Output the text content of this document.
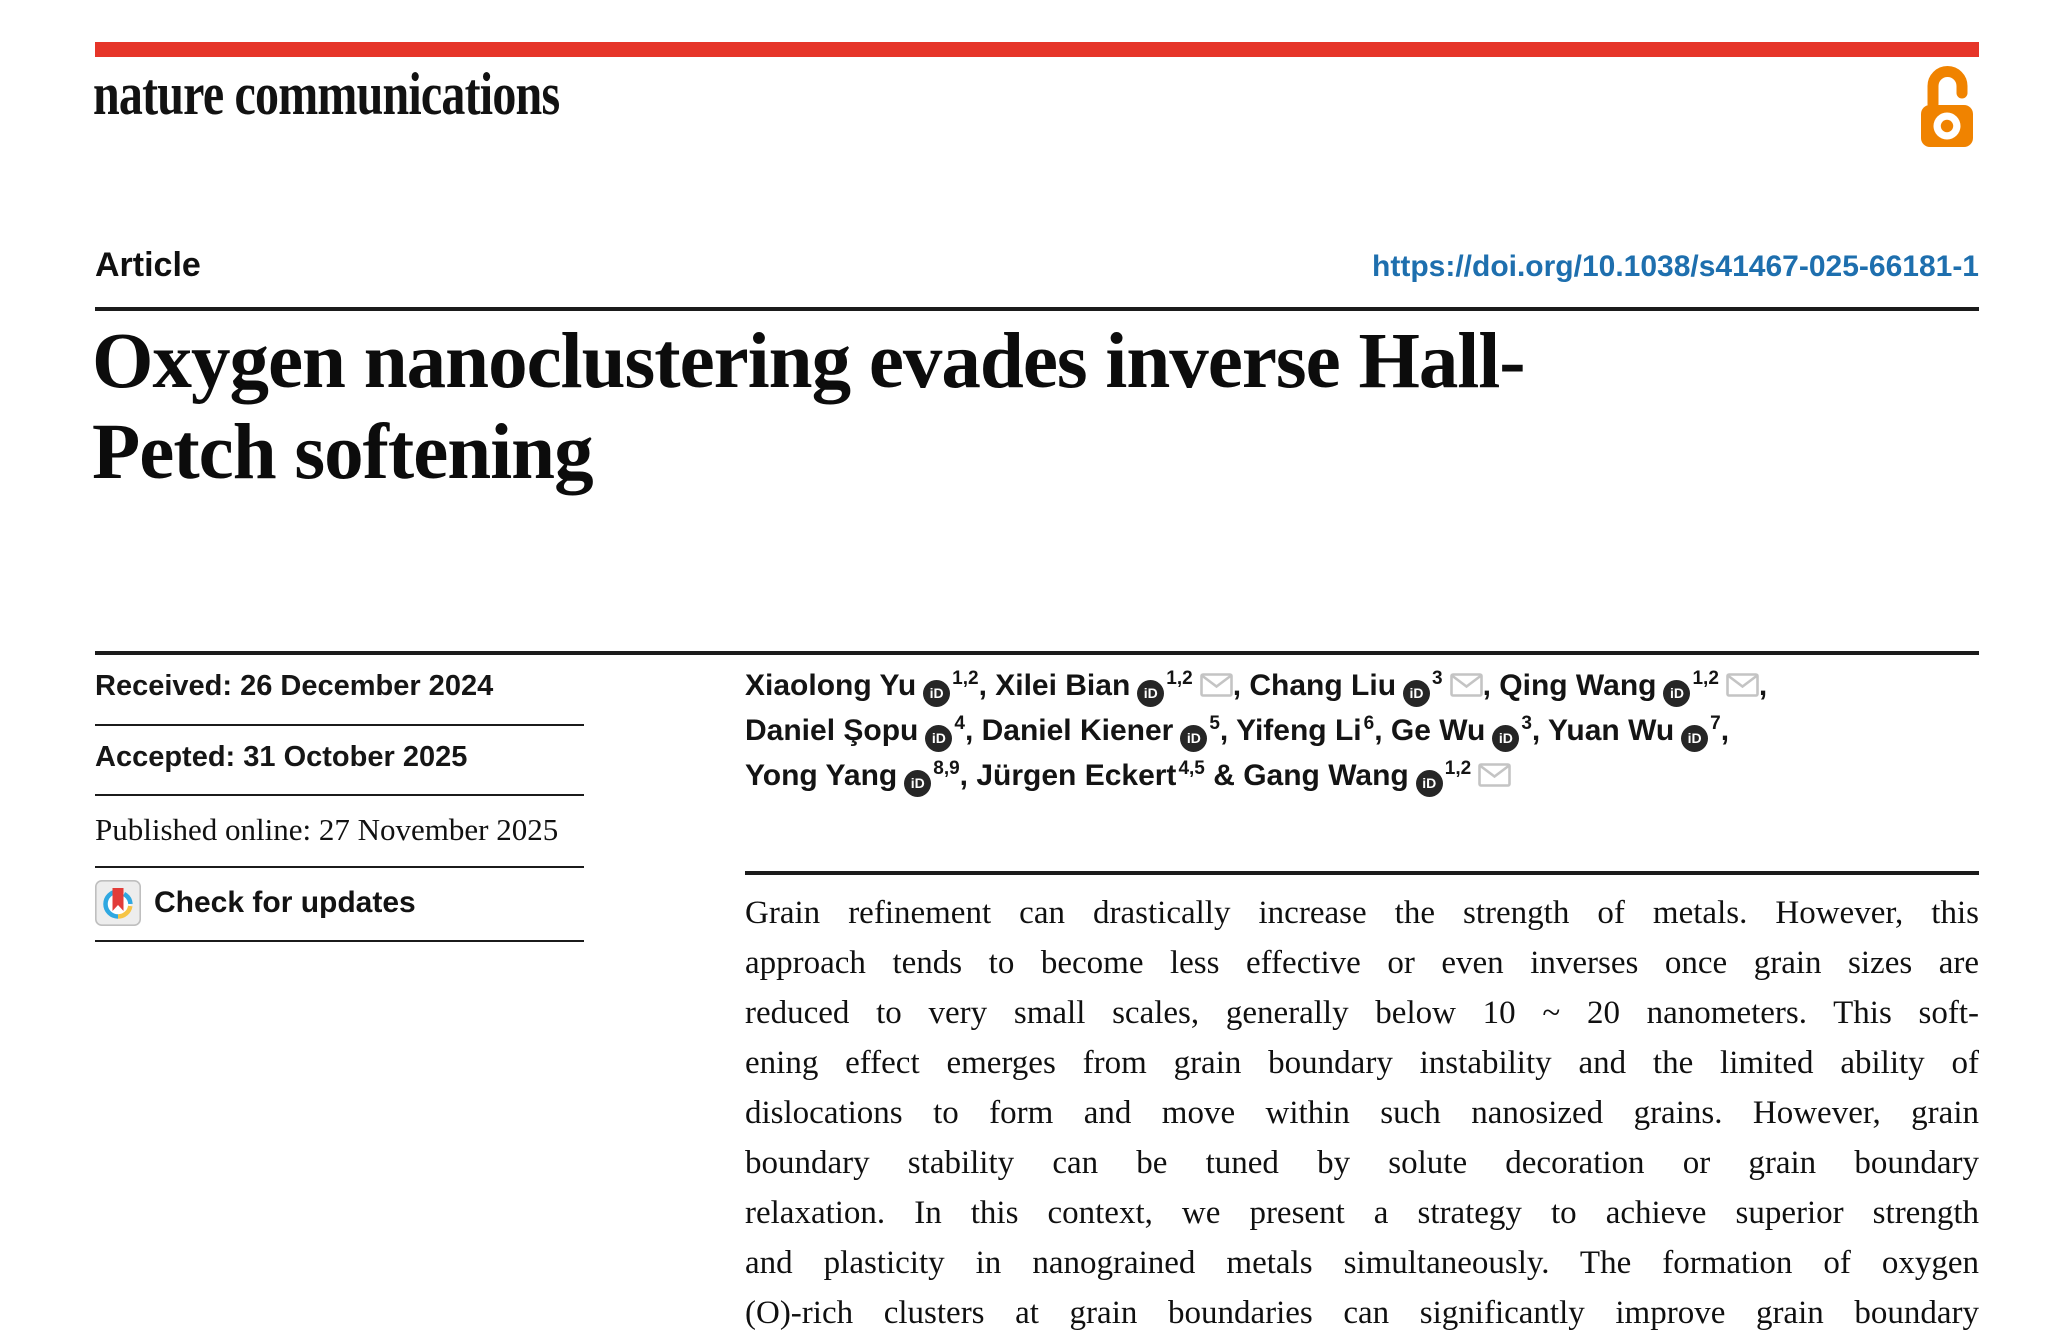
nature communications
Article	https://doi.org/10.1038/s41467-025-66181-1
Oxygen nanoclustering evades inverse Hall-
Petch softening
Received: 26 December 2024
Accepted: 31 October 2025
Published online: 27 November 2025
Check for updates
Xiaolong Yu iD$^{1,2}$, Xilei Bian iD$^{1,2}$ , Chang Liu $iD^3$ , Qing Wang iD$^{1,2}$ ,
Daniel Şopu $iD^4$, Daniel Kiener $iD^5$, Yifeng Li $^6$, Ge Wu $iD^3$, Yuan Wu $iD^7$,
Yong Yang iD$^{8,9}$, Jürgen Eckert $^{4,5}$ & Gang Wang iD$^{1,2}$
Grain refinement can drastically increase the strength of metals. However, this
approach tends to become less effective or even inverses once grain sizes are
reduced to very small scales, generally below 10 ~ 20 nanometers. This soft-
ening effect emerges from grain boundary instability and the limited ability of
dislocations to form and move within such nanosized grains. However, grain
boundary stability can be tuned by solute decoration or grain boundary
relaxation. In this context, we present a strategy to achieve superior strength
and plasticity in nanograined metals simultaneously. The formation of oxygen
(O)-rich clusters at grain boundaries can significantly improve grain boundary
